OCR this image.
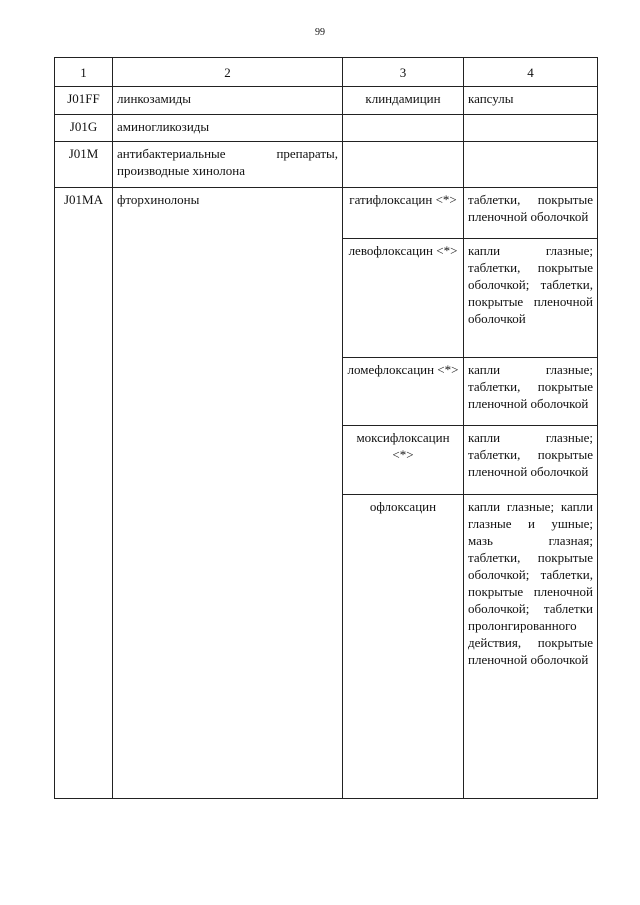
99
1	2	3	4
J01FF	линкозамиды	клиндамицин	капсулы
J01G	аминогликозиды		
J01M	антибактериальные препараты, производные хинолона		
J01MA	фторхинолоны	гатифлоксацин <*>	таблетки, покрытые пленочной оболочкой
		левофлоксацин <*>	капли глазные; таблетки, покрытые оболочкой; таблетки, покрытые пленочной оболочкой
		ломефлоксацин <*>	капли глазные; таблетки, покрытые пленочной оболочкой
		моксифлоксацин <*>	капли глазные; таблетки, покрытые пленочной оболочкой
		офлоксацин	капли глазные; капли глазные и ушные; мазь глазная; таблетки, покрытые оболочкой; таблетки, покрытые пленочной оболочкой; таблетки пролонгированного действия, покрытые пленочной оболочкой
